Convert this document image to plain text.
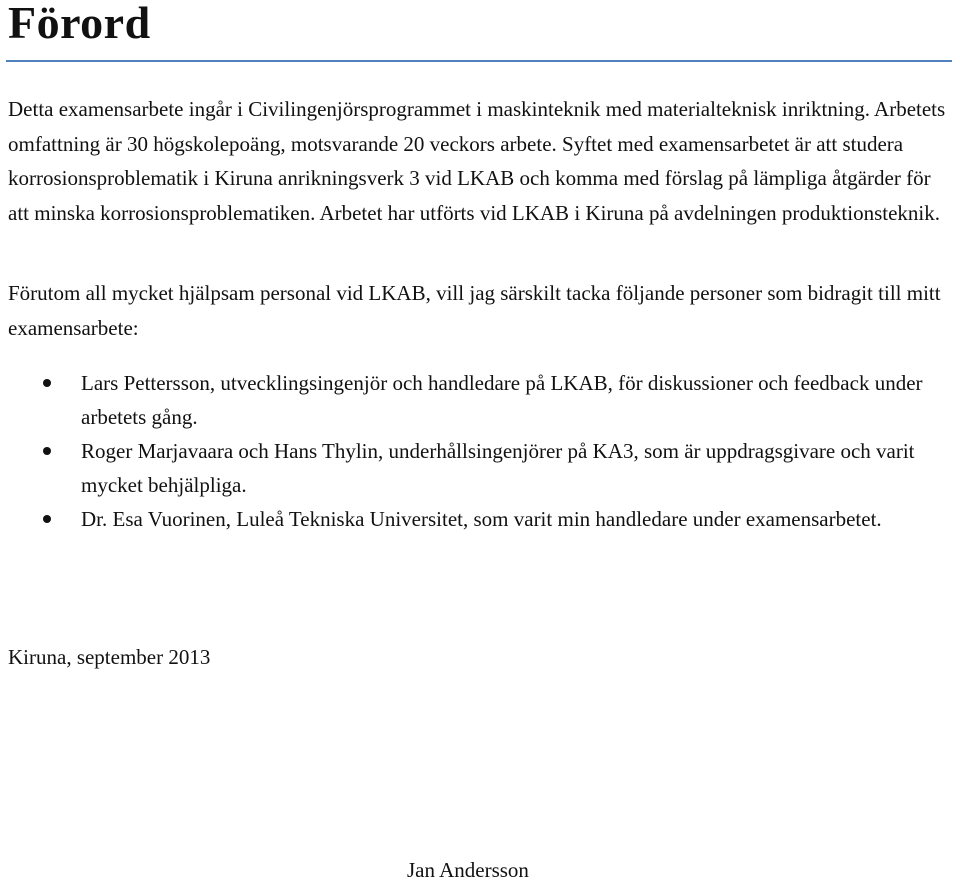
Förord

Detta examensarbete ingår i Civilingenjörsprogrammet i maskinteknik med materialteknisk inriktning. Arbetets omfattning är 30 högskolepoäng, motsvarande 20 veckors arbete. Syftet med examensarbetet är att studera korrosionsproblematik i Kiruna anrikningsverk 3 vid LKAB och komma med förslag på lämpliga åtgärder för att minska korrosionsproblematiken. Arbetet har utförts vid LKAB i Kiruna på avdelningen produktionsteknik.

Förutom all mycket hjälpsam personal vid LKAB, vill jag särskilt tacka följande personer som bidragit till mitt examensarbete:

Lars Pettersson, utvecklingsingenjör och handledare på LKAB, för diskussioner och feedback under arbetets gång.
Roger Marjavaara och Hans Thylin, underhållsingenjörer på KA3, som är uppdragsgivare och varit mycket behjälpliga.
Dr. Esa Vuorinen, Luleå Tekniska Universitet, som varit min handledare under examensarbetet.

Kiruna, september 2013

Jan Andersson
